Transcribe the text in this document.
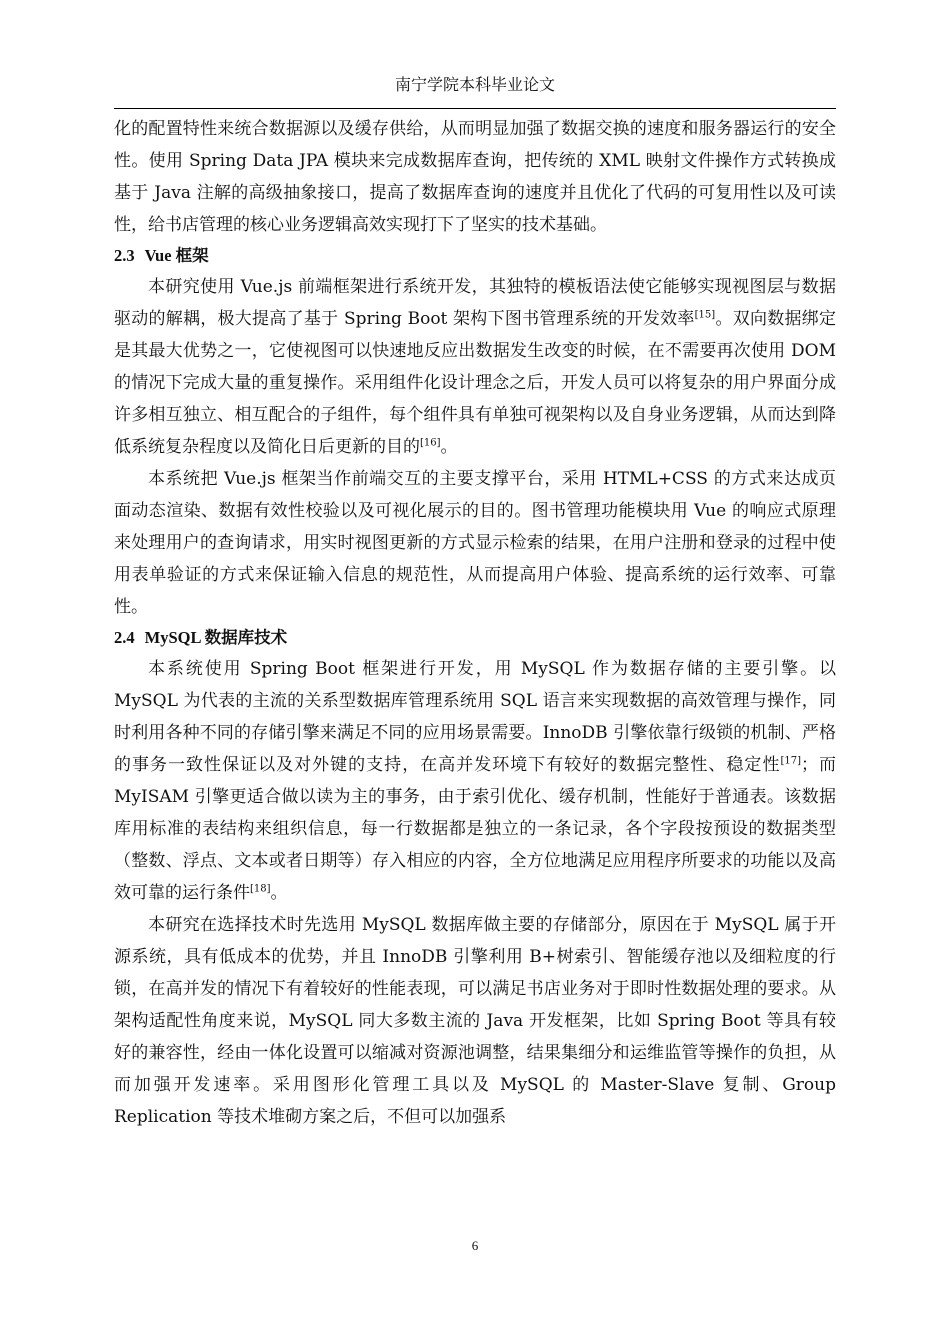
南宁学院本科毕业论文

化的配置特性来统合数据源以及缓存供给，从而明显加强了数据交换的速度和服务器运行的安全性。使用 Spring Data JPA 模块来完成数据库查询，把传统的 XML 映射文件操作方式转换成基于 Java 注解的高级抽象接口，提高了数据库查询的速度并且优化了代码的可复用性以及可读性，给书店管理的核心业务逻辑高效实现打下了坚实的技术基础。

2.3 Vue 框架

本研究使用 Vue.js 前端框架进行系统开发，其独特的模板语法使它能够实现视图层与数据驱动的解耦，极大提高了基于 Spring Boot 架构下图书管理系统的开发效率[15]。双向数据绑定是其最大优势之一，它使视图可以快速地反应出数据发生改变的时候，在不需要再次使用 DOM 的情况下完成大量的重复操作。采用组件化设计理念之后，开发人员可以将复杂的用户界面分成许多相互独立、相互配合的子组件，每个组件具有单独可视架构以及自身业务逻辑，从而达到降低系统复杂程度以及简化日后更新的目的[16]。

本系统把 Vue.js 框架当作前端交互的主要支撑平台，采用 HTML+CSS 的方式来达成页面动态渲染、数据有效性校验以及可视化展示的目的。图书管理功能模块用 Vue 的响应式原理来处理用户的查询请求，用实时视图更新的方式显示检索的结果，在用户注册和登录的过程中使用表单验证的方式来保证输入信息的规范性，从而提高用户体验、提高系统的运行效率、可靠性。

2.4 MySQL 数据库技术

本系统使用 Spring Boot 框架进行开发，用 MySQL 作为数据存储的主要引擎。以 MySQL 为代表的主流的关系型数据库管理系统用 SQL 语言来实现数据的高效管理与操作，同时利用各种不同的存储引擎来满足不同的应用场景需要。InnoDB 引擎依靠行级锁的机制、严格的事务一致性保证以及对外键的支持，在高并发环境下有较好的数据完整性、稳定性[17]；而 MyISAM 引擎更适合做以读为主的事务，由于索引优化、缓存机制，性能好于普通表。该数据库用标准的表结构来组织信息，每一行数据都是独立的一条记录，各个字段按预设的数据类型（整数、浮点、文本或者日期等）存入相应的内容，全方位地满足应用程序所要求的功能以及高效可靠的运行条件[18]。

本研究在选择技术时先选用 MySQL 数据库做主要的存储部分，原因在于 MySQL 属于开源系统，具有低成本的优势，并且 InnoDB 引擎利用 B+树索引、智能缓存池以及细粒度的行锁，在高并发的情况下有着较好的性能表现，可以满足书店业务对于即时性数据处理的要求。从架构适配性角度来说，MySQL 同大多数主流的 Java 开发框架，比如 Spring Boot 等具有较好的兼容性，经由一体化设置可以缩减对资源池调整，结果集细分和运维监管等操作的负担，从而加强开发速率。采用图形化管理工具以及 MySQL 的 Master-Slave 复制、Group Replication 等技术堆砌方案之后，不但可以加强系

6
